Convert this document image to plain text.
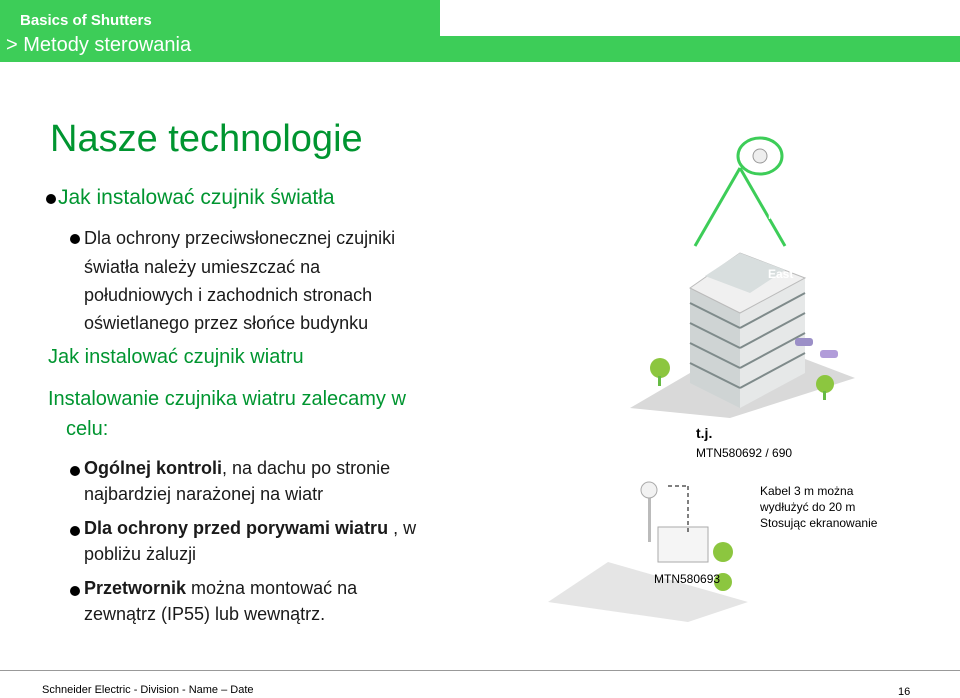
Basics of Shutters
> Metody sterowania
Nasze technologie
Jak instalować czujnik światła
Dla ochrony przeciwsłonecznej czujniki
światła należy umieszczać na
południowych i zachodnich stronach
oświetlanego przez słońce budynku
Jak instalować czujnik wiatru
Instalowanie czujnika wiatru zalecamy w
celu:
Ogólnej kontroli, na dachu po stronie
najbardziej narażonej na wiatr
Dla ochrony przed porywami wiatru , w
pobliżu żaluzji
Przetwornik można montować na
zewnątrz (IP55) lub wewnątrz.
West	North
South	East
t.j.
MTN580692 / 690
MTN580693
Kabel 3 m można
wydłużyć do 20 m
Stosując ekranowanie
Schneider Electric - Division - Name – Date	16
